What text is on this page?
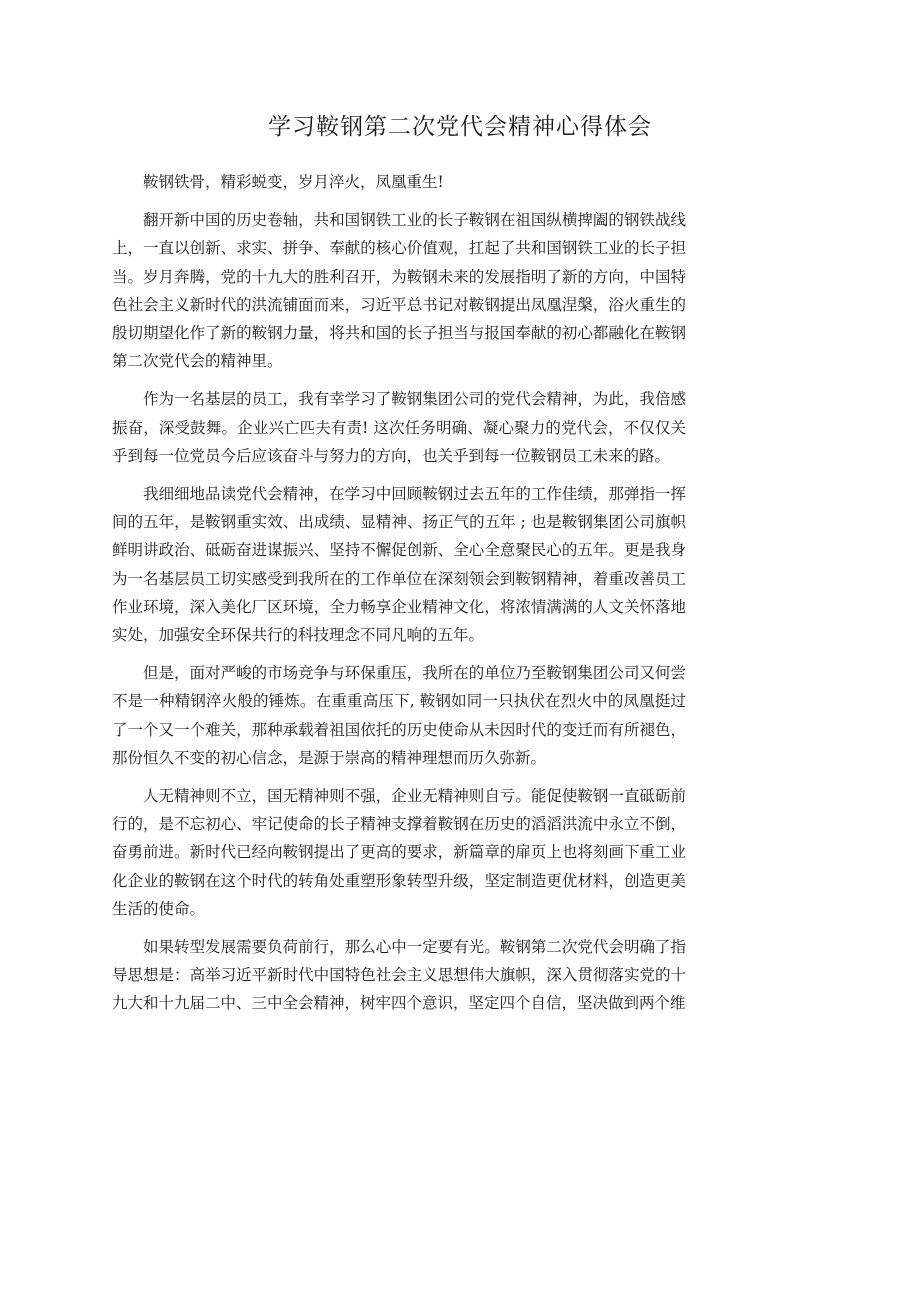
学习鞍钢第二次党代会精神心得体会

鞍钢铁骨，精彩蜕变，岁月淬火，凤凰重生!

翻开新中国的历史卷轴，共和国钢铁工业的长子鞍钢在祖国纵横捭阖的钢铁战线上，一直以创新、求实、拼争、奉献的核心价值观，扛起了共和国钢铁工业的长子担当。岁月奔腾，党的十九大的胜利召开，为鞍钢未来的发展指明了新的方向，中国特色社会主义新时代的洪流铺面而来，习近平总书记对鞍钢提出凤凰涅槃，浴火重生的殷切期望化作了新的鞍钢力量，将共和国的长子担当与报国奉献的初心都融化在鞍钢第二次党代会的精神里。

作为一名基层的员工，我有幸学习了鞍钢集团公司的党代会精神，为此，我倍感振奋，深受鼓舞。企业兴亡匹夫有责! 这次任务明确、凝心聚力的党代会，不仅仅关乎到每一位党员今后应该奋斗与努力的方向，也关乎到每一位鞍钢员工未来的路。

我细细地品读党代会精神，在学习中回顾鞍钢过去五年的工作佳绩，那弹指一挥间的五年，是鞍钢重实效、出成绩、显精神、扬正气的五年 ; 也是鞍钢集团公司旗帜鲜明讲政治、砥砺奋进谋振兴、坚持不懈促创新、全心全意聚民心的五年。更是我身为一名基层员工切实感受到我所在的工作单位在深刻领会到鞍钢精神，着重改善员工作业环境，深入美化厂区环境，全力畅享企业精神文化，将浓情满满的人文关怀落地实处，加强安全环保共行的科技理念不同凡响的五年。

但是，面对严峻的市场竞争与环保重压，我所在的单位乃至鞍钢集团公司又何尝不是一种精钢淬火般的锤炼。在重重高压下, 鞍钢如同一只执伏在烈火中的凤凰挺过了一个又一个难关，那种承载着祖国依托的历史使命从未因时代的变迁而有所褪色，那份恒久不变的初心信念，是源于崇高的精神理想而历久弥新。

人无精神则不立，国无精神则不强，企业无精神则自亏。能促使鞍钢一直砥砺前行的，是不忘初心、牢记使命的长子精神支撑着鞍钢在历史的滔滔洪流中永立不倒，奋勇前进。新时代已经向鞍钢提出了更高的要求，新篇章的扉页上也将刻画下重工业化企业的鞍钢在这个时代的转角处重塑形象转型升级，坚定制造更优材料，创造更美生活的使命。

如果转型发展需要负荷前行，那么心中一定要有光。鞍钢第二次党代会明确了指导思想是：高举习近平新时代中国特色社会主义思想伟大旗帜，深入贯彻落实党的十九大和十九届二中、三中全会精神，树牢四个意识，坚定四个自信，坚决做到两个维
